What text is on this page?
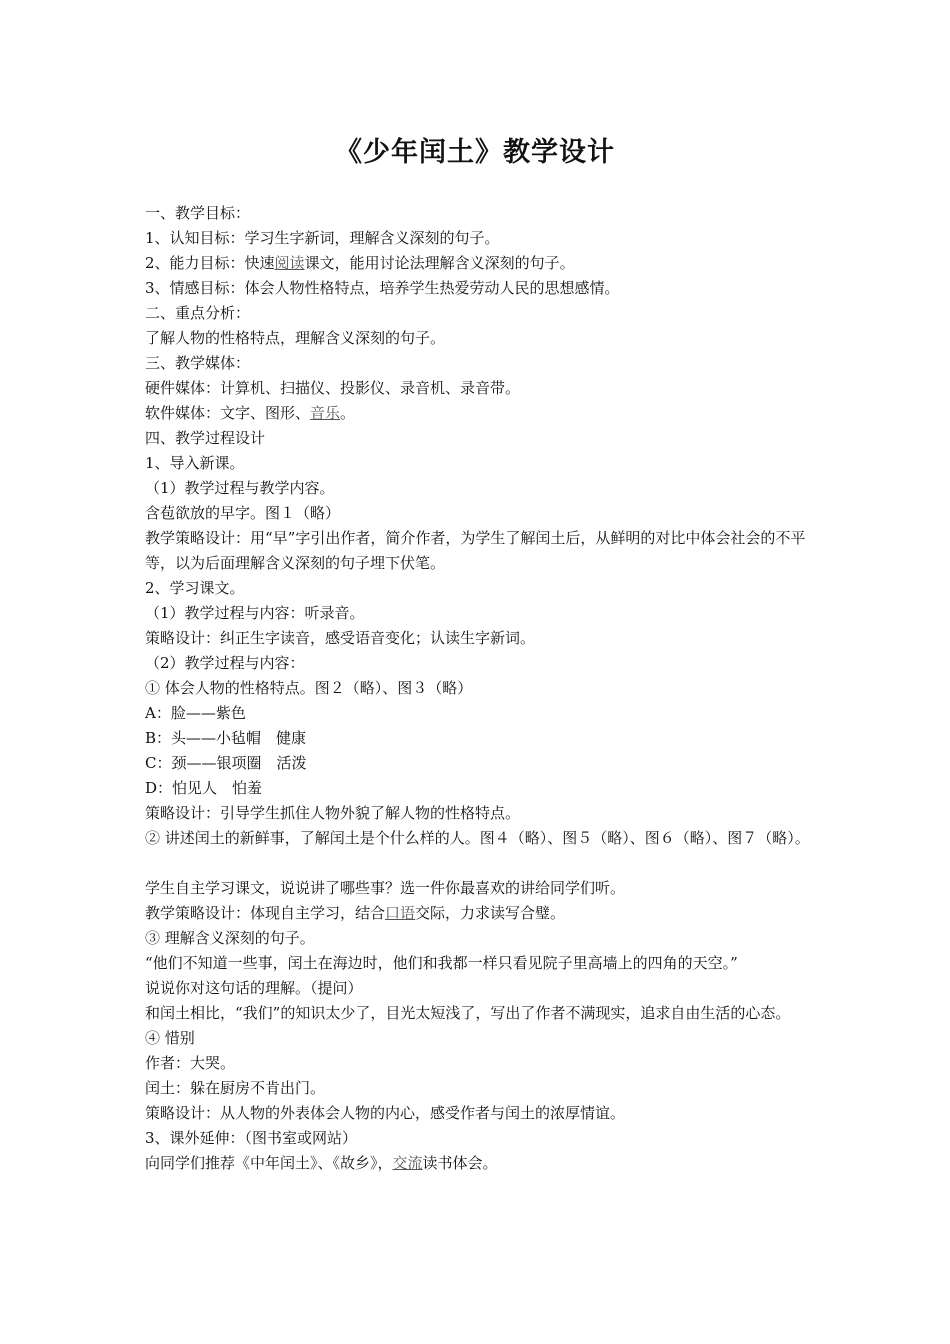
《少年闰土》教学设计
一、教学目标：
1、认知目标：学习生字新词，理解含义深刻的句子。
2、能力目标：快速阅读课文，能用讨论法理解含义深刻的句子。
3、情感目标：体会人物性格特点，培养学生热爱劳动人民的思想感情。
二、重点分析：
了解人物的性格特点，理解含义深刻的句子。
三、教学媒体：
硬件媒体：计算机、扫描仪、投影仪、录音机、录音带。
软件媒体：文字、图形、音乐。
四、教学过程设计
1、导入新课。
（1）教学过程与教学内容。
含苞欲放的早字。图１（略）
教学策略设计：用“早”字引出作者，简介作者，为学生了解闰土后，从鲜明的对比中体会社会的不平等，以为后面理解含义深刻的句子埋下伏笔。
2、学习课文。
（1）教学过程与内容：听录音。
策略设计：纠正生字读音，感受语音变化；认读生字新词。
（2）教学过程与内容：
① 体会人物的性格特点。图２（略）、图３（略）
A：脸——紫色
B：头——小毡帽　健康
C：颈——银项圈　活泼
D：怕见人　怕羞
策略设计：引导学生抓住人物外貌了解人物的性格特点。
② 讲述闰土的新鲜事，了解闰土是个什么样的人。图４（略）、图５（略）、图６（略）、图７（略）。
学生自主学习课文，说说讲了哪些事？选一件你最喜欢的讲给同学们听。
教学策略设计：体现自主学习，结合口语交际，力求读写合璧。
③ 理解含义深刻的句子。
“他们不知道一些事，闰土在海边时，他们和我都一样只看见院子里高墙上的四角的天空。”
说说你对这句话的理解。（提问）
和闰土相比，“我们”的知识太少了，目光太短浅了，写出了作者不满现实，追求自由生活的心态。
④ 惜别
作者：大哭。
闰土：躲在厨房不肯出门。
策略设计：从人物的外表体会人物的内心，感受作者与闰土的浓厚情谊。
3、课外延伸：（图书室或网站）
向同学们推荐《中年闰土》、《故乡》，交流读书体会。
